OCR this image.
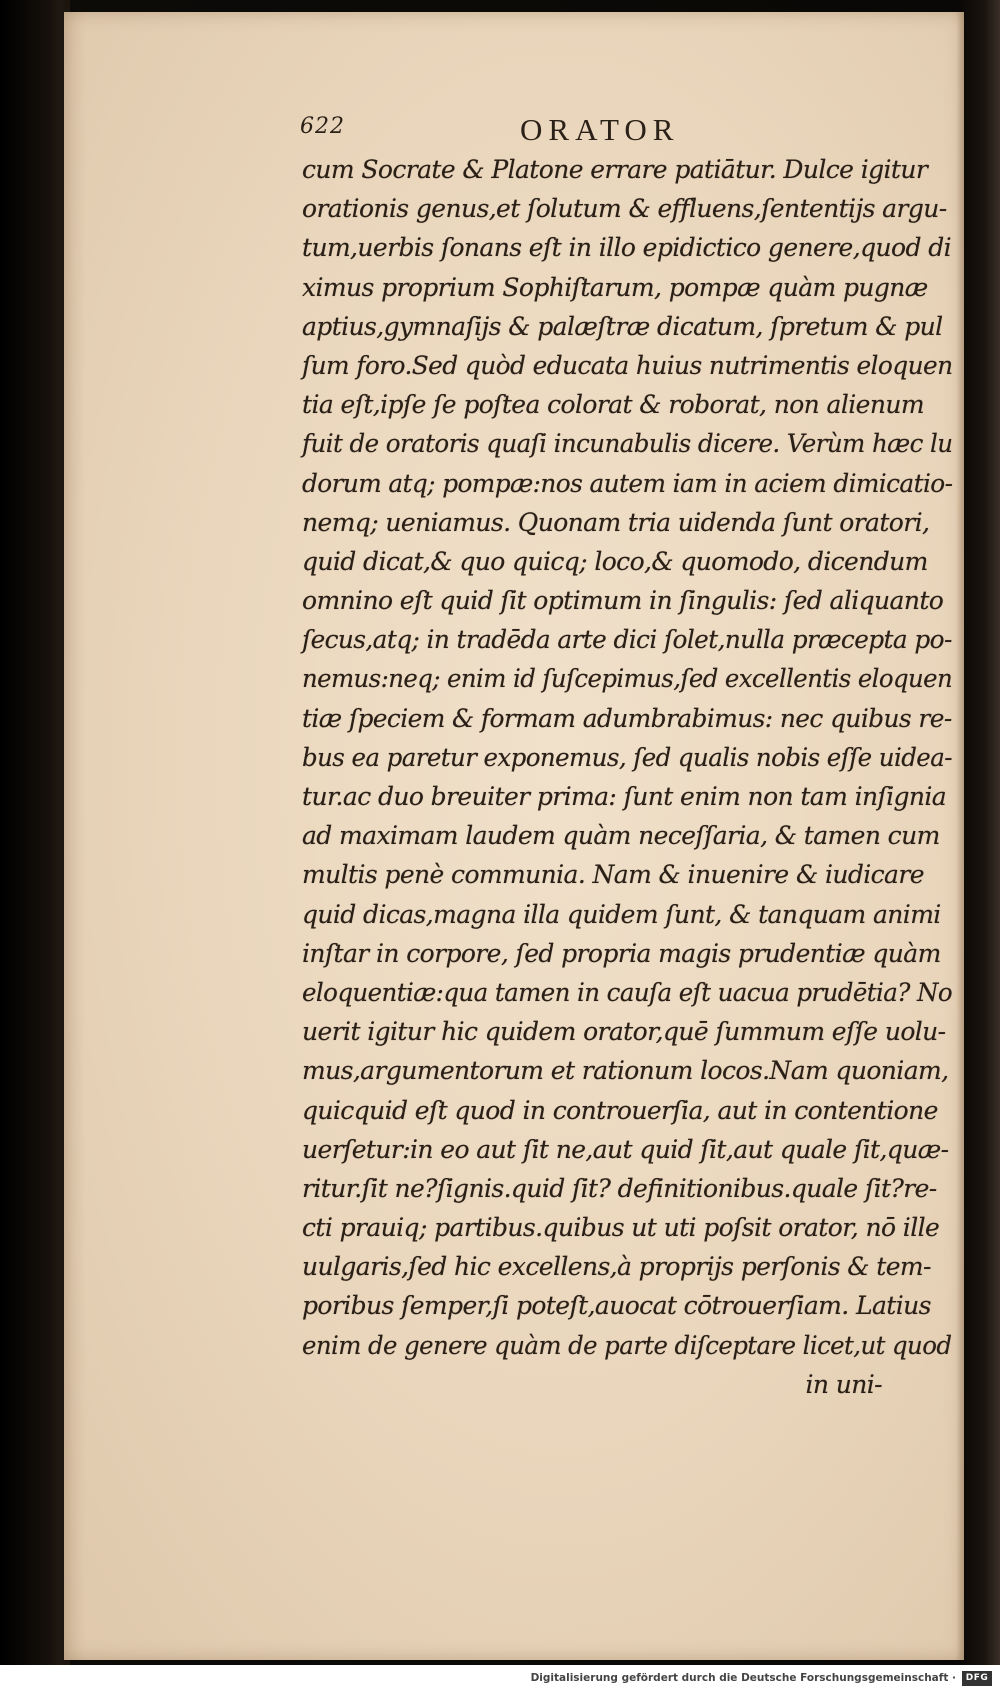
622	ORATOR
cum Socrate & Platone errare patiātur. Dulce igitur
orationis genus,et ſolutum & effluens,ſententijs argu-
tum,uerbis ſonans eſt in illo epidictico genere,quod di
ximus proprium Sophiſtarum, pompæ quàm pugnæ
aptius,gymnaſijs & palæſtræ dicatum, ſpretum & pul
ſum foro.Sed quòd educata huius nutrimentis eloquen
tia eſt,ipſe ſe poſtea colorat & roborat, non alienum
fuit de oratoris quaſi incunabulis dicere. Verùm hæc lu
dorum atq; pompæ:nos autem iam in aciem dimicatio-
nemq; ueniamus. Quonam tria uidenda ſunt oratori,
quid dicat,& quo quicq; loco,& quomodo, dicendum
omnino eſt quid ſit optimum in ſingulis: ſed aliquanto
ſecus,atq; in tradēda arte dici ſolet,nulla præcepta po-
nemus:neq; enim id ſuſcepimus,ſed excellentis eloquen
tiæ ſpeciem & formam adumbrabimus: nec quibus re-
bus ea paretur exponemus, ſed qualis nobis eſſe uidea-
tur.ac duo breuiter prima: ſunt enim non tam inſignia
ad maximam laudem quàm neceſſaria, & tamen cum
multis penè communia. Nam & inuenire & iudicare
quid dicas,magna illa quidem ſunt, & tanquam animi
inſtar in corpore, ſed propria magis prudentiæ quàm
eloquentiæ:qua tamen in cauſa eſt uacua prudētia? No
uerit igitur hic quidem orator,quē ſummum eſſe uolu-
mus,argumentorum et rationum locos.Nam quoniam,
quicquid eſt quod in controuerſia, aut in contentione
uerſetur:in eo aut ſit ne,aut quid ſit,aut quale ſit,quæ-
ritur.ſit ne?ſignis.quid ſit? definitionibus.quale ſit?re-
cti prauiq; partibus.quibus ut uti poſsit orator, nō ille
uulgaris,ſed hic excellens,à proprijs perſonis & tem-
poribus ſemper,ſi poteſt,auocat cōtrouerſiam. Latius
enim de genere quàm de parte diſceptare licet,ut quod
in uni-
Digitalisierung gefördert durch die Deutsche Forschungsgemeinschaft ·	DFG
